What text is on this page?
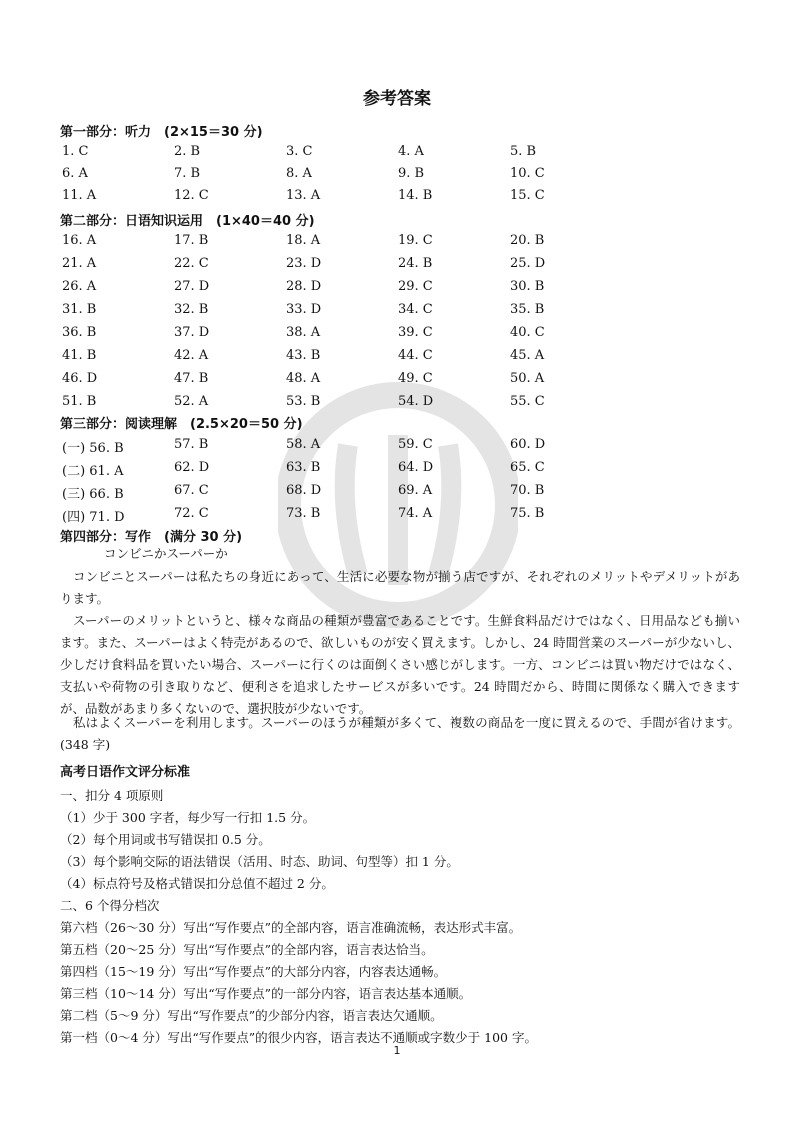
参考答案
第一部分：听力　(2×15＝30 分)
第二部分：日语知识运用　(1×40＝40 分)
第三部分：阅读理解　(2.5×20＝50 分)
第四部分：写作　(满分 30 分)
1. C	2. B	3. C	4. A	5. B
6. A	7. B	8. A	9. B	10. C
11. A	12. C	13. A	14. B	15. C
16. A	17. B	18. A	19. C	20. B
21. A	22. C	23. D	24. B	25. D
26. A	27. D	28. D	29. C	30. B
31. B	32. B	33. D	34. C	35. B
36. B	37. D	38. A	39. C	40. C
41. B	42. A	43. B	44. C	45. A
46. D	47. B	48. A	49. C	50. A
51. B	52. A	53. B	54. D	55. C
(一) 56. B	57. B	58. A	59. C	60. D
(二) 61. A	62. D	63. B	64. D	65. C
(三) 66. B	67. C	68. D	69. A	70. B
(四) 71. D	72. C	73. B	74. A	75. B
コンビニかスーパーか
コンビニとスーパーは私たちの身近にあって、生活に必要な物が揃う店ですが、それぞれのメリットやデメリットがあります。
スーパーのメリットというと、様々な商品の種類が豊富であることです。生鮮食料品だけではなく、日用品なども揃います。また、スーパーはよく特売があるので、欲しいものが安く買えます。しかし、24 時間営業のスーパーが少ないし、少しだけ食料品を買いたい場合、スーパーに行くのは面倒くさい感じがします。一方、コンビニは買い物だけではなく、支払いや荷物の引き取りなど、便利さを追求したサービスが多いです。24 時間だから、時間に関係なく購入できますが、品数があまり多くないので、選択肢が少ないです。
私はよくスーパーを利用します。スーパーのほうが種類が多くて、複数の商品を一度に買えるので、手間が省けます。(348 字)
高考日语作文评分标准
一、扣分 4 项原则
（1）少于 300 字者，每少写一行扣 1.5 分。
（2）每个用词或书写错误扣 0.5 分。
（3）每个影响交际的语法错误（活用、时态、助词、句型等）扣 1 分。
（4）标点符号及格式错误扣分总值不超过 2 分。
二、6 个得分档次
第六档（26～30 分）写出“写作要点”的全部内容，语言准确流畅，表达形式丰富。
第五档（20～25 分）写出“写作要点”的全部内容，语言表达恰当。
第四档（15～19 分）写出“写作要点”的大部分内容，内容表达通畅。
第三档（10～14 分）写出“写作要点”的一部分内容，语言表达基本通顺。
第二档（5～9 分）写出“写作要点”的少部分内容，语言表达欠通顺。
第一档（0～4 分）写出“写作要点”的很少内容，语言表达不通顺或字数少于 100 字。
1
